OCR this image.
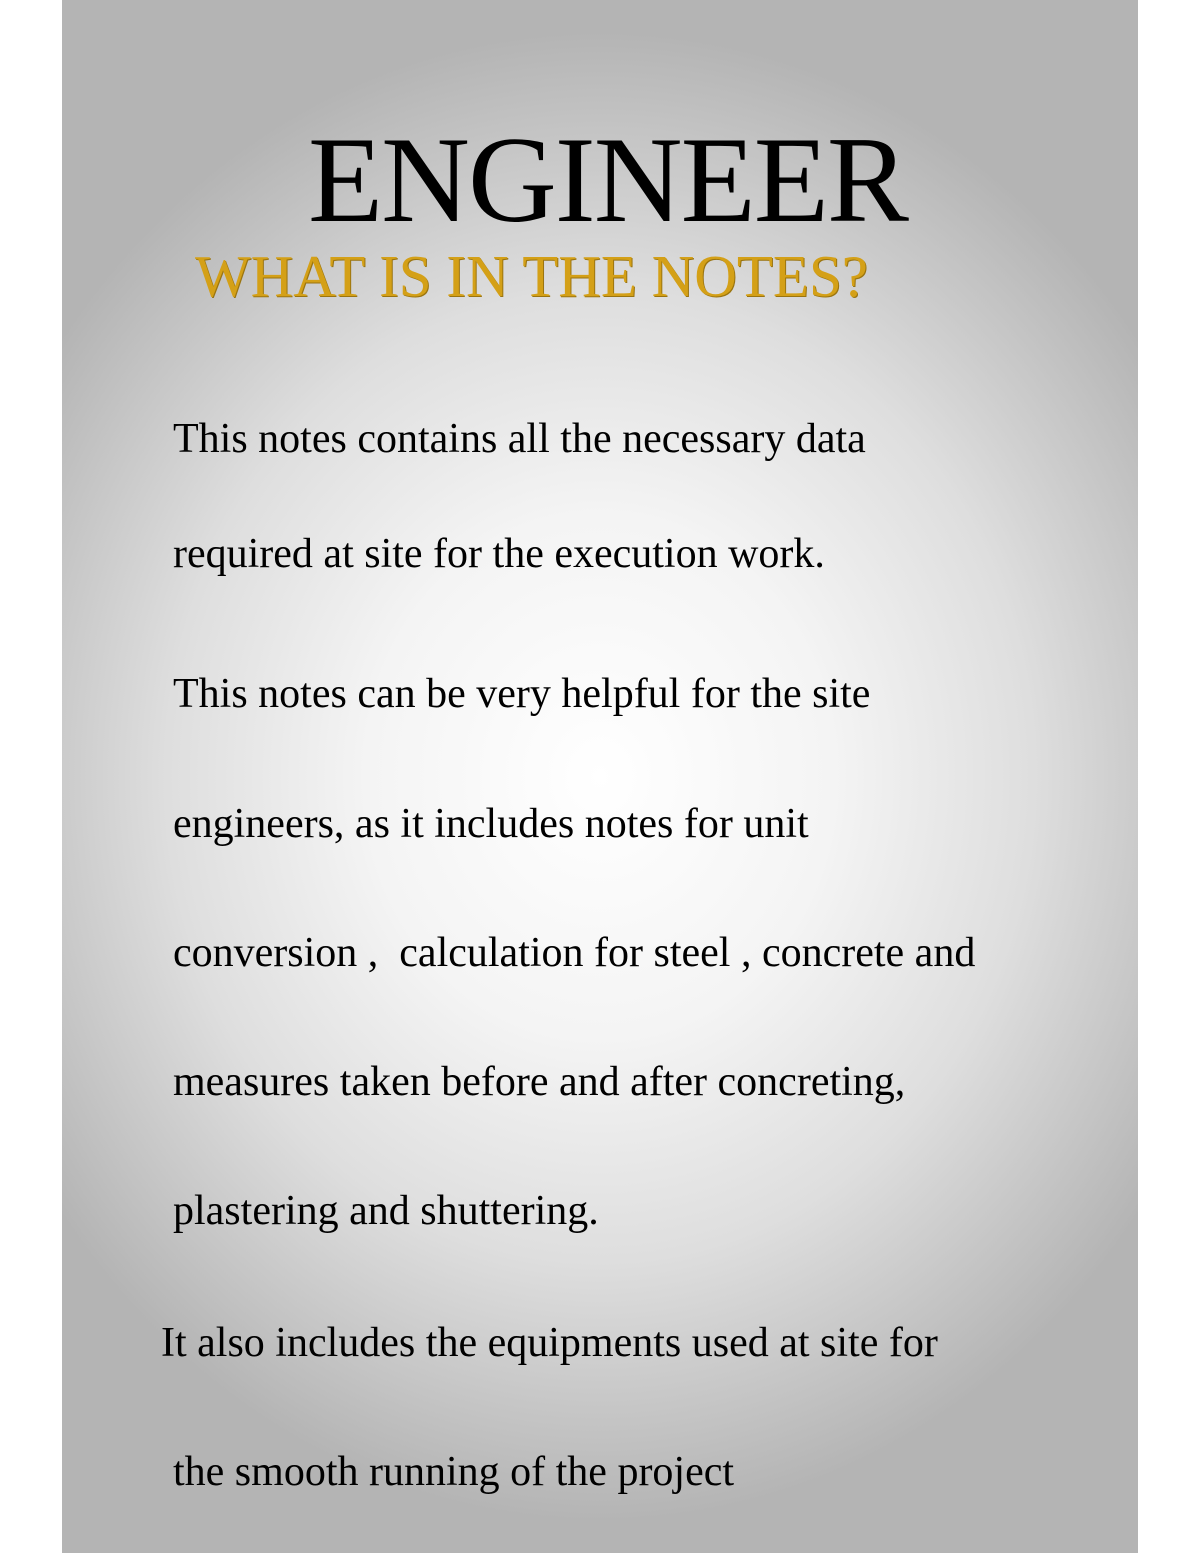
ENGINEER
WHAT IS IN THE NOTES?

This notes contains all the necessary data

required at site for the execution work.

This notes can be very helpful for the site

engineers, as it includes notes for unit

conversion ,  calculation for steel , concrete and

measures taken before and after concreting,

plastering and shuttering.

It also includes the equipments used at site for

the smooth running of the project
